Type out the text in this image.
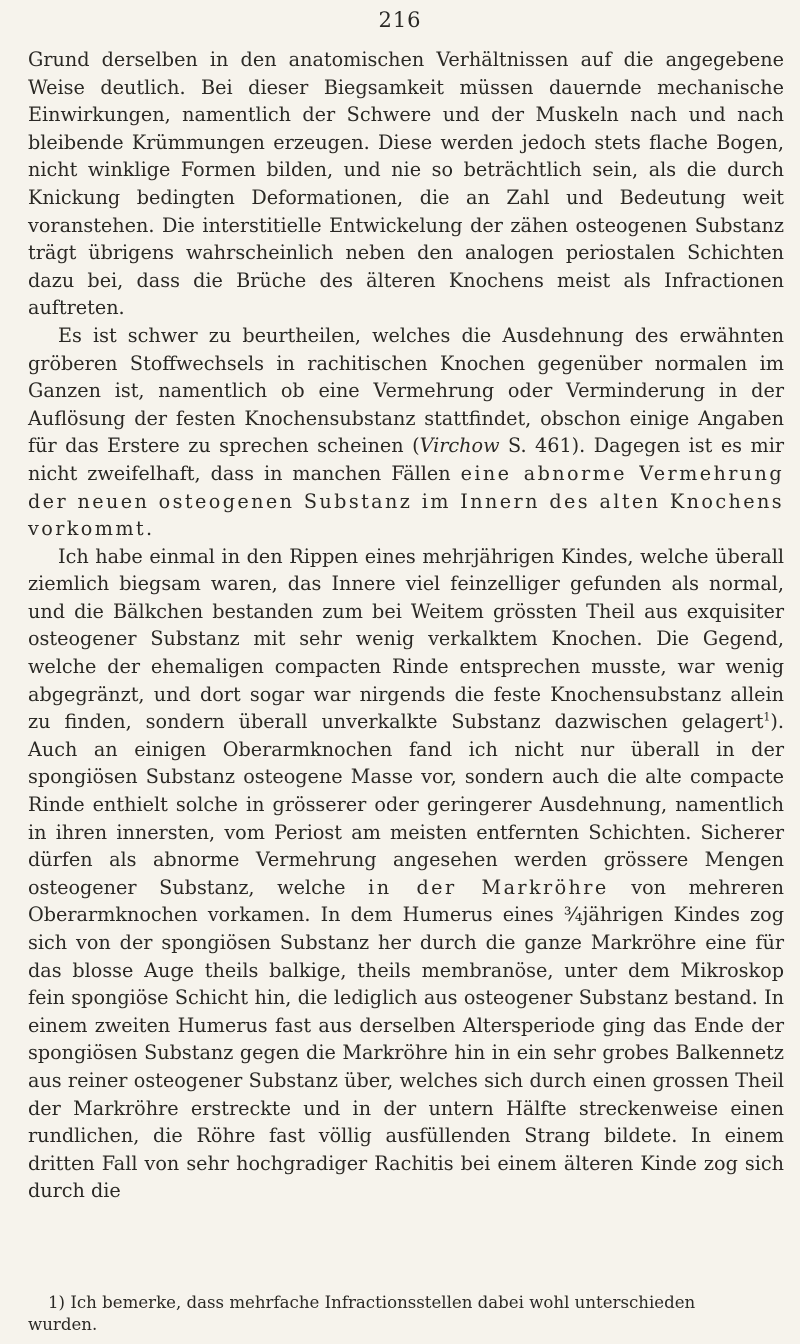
216

Grund derselben in den anatomischen Verhältnissen auf die angegebene Weise deutlich. Bei dieser Biegsamkeit müssen dauernde mechanische Einwirkungen, namentlich der Schwere und der Muskeln nach und nach bleibende Krümmungen erzeugen. Diese werden jedoch stets flache Bogen, nicht winklige Formen bilden, und nie so beträchtlich sein, als die durch Knickung bedingten Deformationen, die an Zahl und Bedeutung weit voranstehen. Die interstitielle Entwickelung der zähen osteogenen Substanz trägt übrigens wahrscheinlich neben den analogen periostalen Schichten dazu bei, dass die Brüche des älteren Knochens meist als Infractionen auftreten.

Es ist schwer zu beurtheilen, welches die Ausdehnung des erwähnten gröberen Stoffwechsels in rachitischen Knochen gegenüber normalen im Ganzen ist, namentlich ob eine Vermehrung oder Verminderung in der Auflösung der festen Knochensubstanz stattfindet, obschon einige Angaben für das Erstere zu sprechen scheinen (Virchow S. 461). Dagegen ist es mir nicht zweifelhaft, dass in manchen Fällen eine abnorme Vermehrung der neuen osteogenen Substanz im Innern des alten Knochens vorkommt.

Ich habe einmal in den Rippen eines mehrjährigen Kindes, welche überall ziemlich biegsam waren, das Innere viel feinzelliger gefunden als normal, und die Bälkchen bestanden zum bei Weitem grössten Theil aus exquisiter osteogener Substanz mit sehr wenig verkalktem Knochen. Die Gegend, welche der ehemaligen compacten Rinde entsprechen musste, war wenig abgegränzt, und dort sogar war nirgends die feste Knochensubstanz allein zu finden, sondern überall unverkalkte Substanz dazwischen gelagert$^1$). Auch an einigen Oberarmknochen fand ich nicht nur überall in der spongiösen Substanz osteogene Masse vor, sondern auch die alte compacte Rinde enthielt solche in grösserer oder geringerer Ausdehnung, namentlich in ihren innersten, vom Periost am meisten entfernten Schichten. Sicherer dürfen als abnorme Vermehrung angesehen werden grössere Mengen osteogener Substanz, welche in der Markröhre von mehreren Oberarmknochen vorkamen. In dem Humerus eines ¾jährigen Kindes zog sich von der spongiösen Substanz her durch die ganze Markröhre eine für das blosse Auge theils balkige, theils membranöse, unter dem Mikroskop fein spongiöse Schicht hin, die lediglich aus osteogener Substanz bestand. In einem zweiten Humerus fast aus derselben Altersperiode ging das Ende der spongiösen Substanz gegen die Markröhre hin in ein sehr grobes Balkennetz aus reiner osteogener Substanz über, welches sich durch einen grossen Theil der Markröhre erstreckte und in der untern Hälfte streckenweise einen rundlichen, die Röhre fast völlig ausfüllenden Strang bildete. In einem dritten Fall von sehr hochgradiger Rachitis bei einem älteren Kinde zog sich durch die

1) Ich bemerke, dass mehrfache Infractionsstellen dabei wohl unterschieden
wurden.
